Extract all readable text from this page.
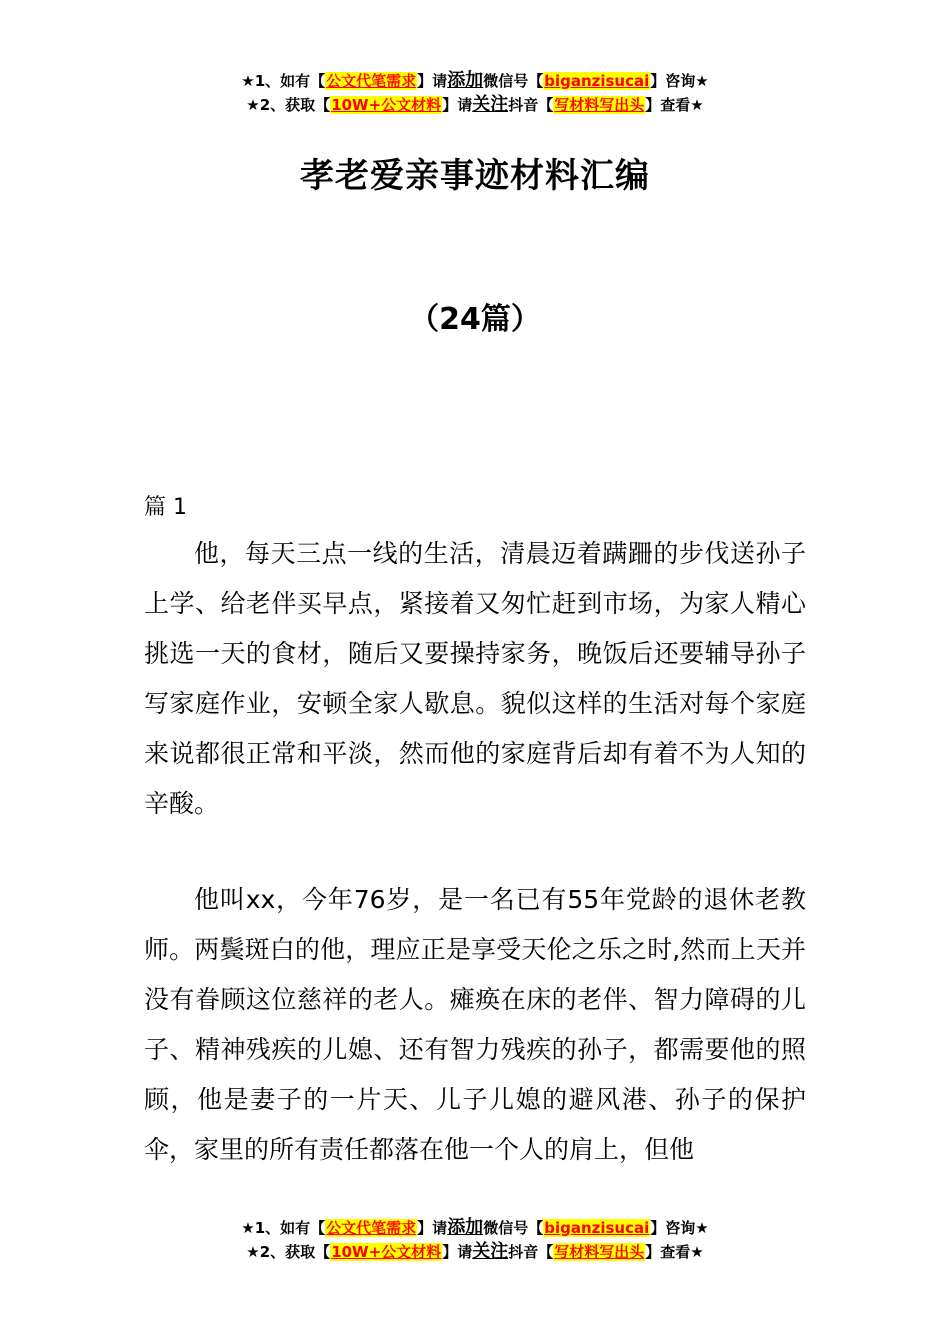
★1、如有【公文代笔需求】请添加微信号【biganzisucai】咨询★
★2、获取【10W+公文材料】请关注抖音【写材料写出头】查看★
孝老爱亲事迹材料汇编
（24篇）
篇 1

他，每天三点一线的生活，清晨迈着蹒跚的步伐送孙子上学、给老伴买早点，紧接着又匆忙赶到市场，为家人精心挑选一天的食材，随后又要操持家务，晚饭后还要辅导孙子写家庭作业，安顿全家人歇息。貌似这样的生活对每个家庭来说都很正常和平淡，然而他的家庭背后却有着不为人知的辛酸。

他叫xx，今年76岁，是一名已有55年党龄的退休老教师。两鬓斑白的他，理应正是享受天伦之乐之时,然而上天并没有眷顾这位慈祥的老人。瘫痪在床的老伴、智力障碍的儿子、精神残疾的儿媳、还有智力残疾的孙子，都需要他的照顾，他是妻子的一片天、儿子儿媳的避风港、孙子的保护伞，家里的所有责任都落在他一个人的肩上，但他

★1、如有【公文代笔需求】请添加微信号【biganzisucai】咨询★
★2、获取【10W+公文材料】请关注抖音【写材料写出头】查看★
